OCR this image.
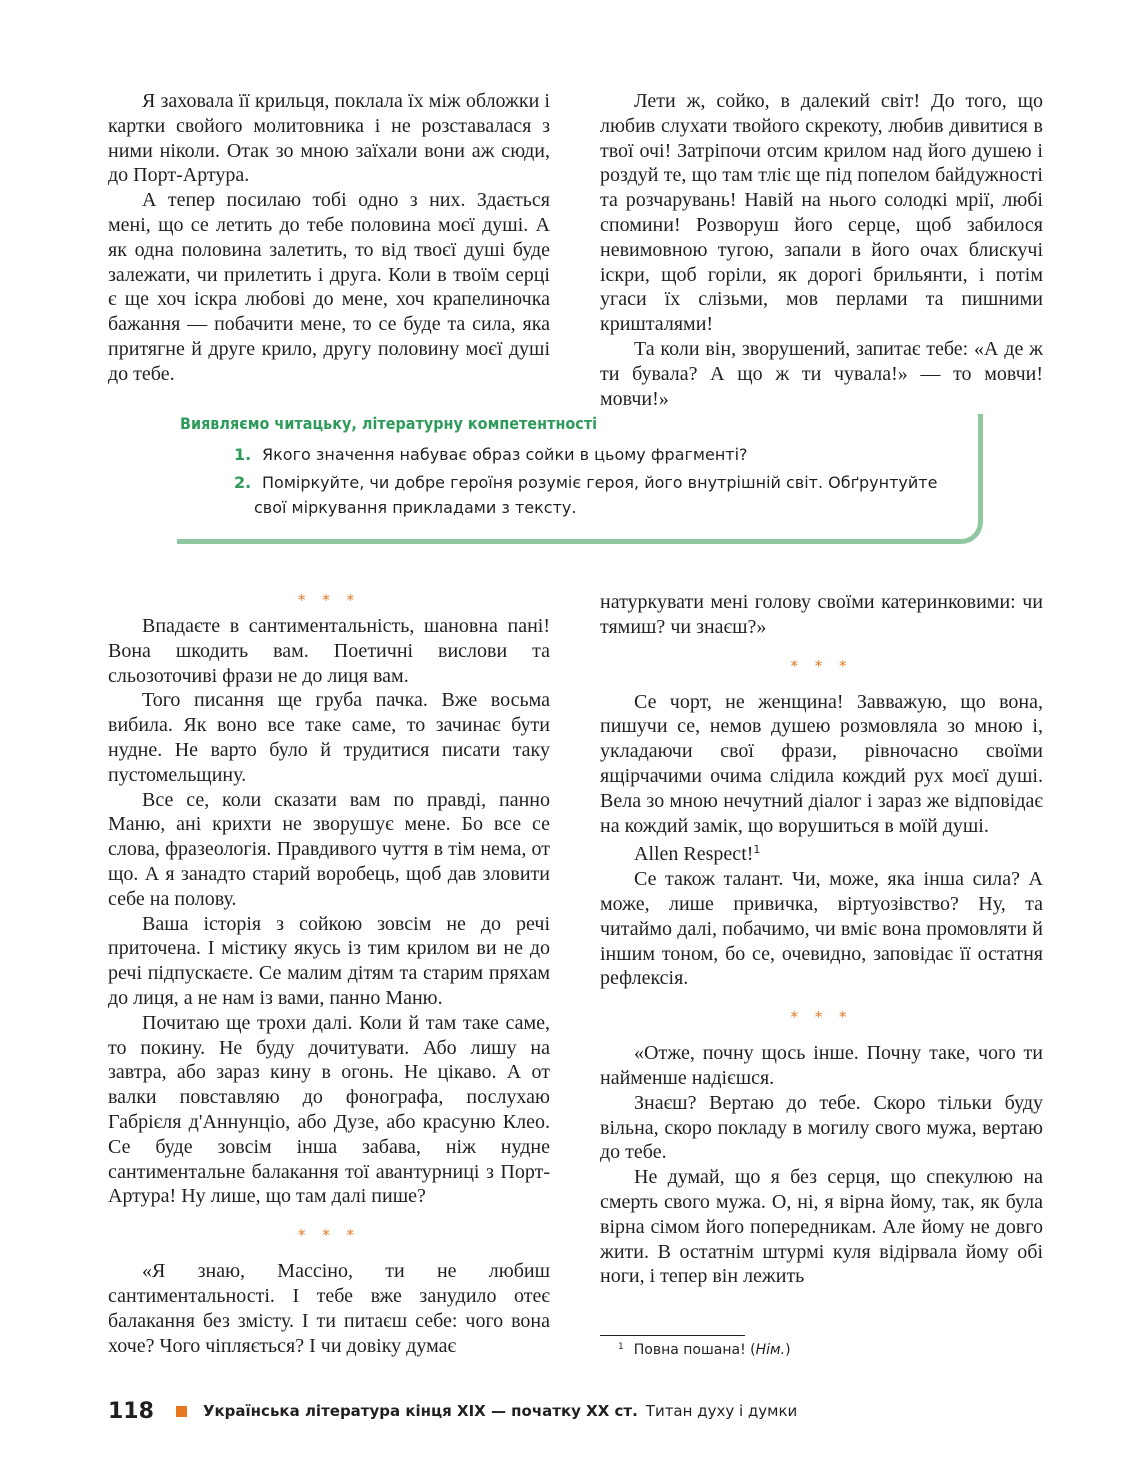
Я заховала її крильця, поклала їх між обложки і картки свойого молитовника і не розставалася з ними ніколи. Отак зо мною заїхали вони аж сюди, до Порт-Артура.

А тепер посилаю тобі одно з них. Здається мені, що се летить до тебе половина моєї душі. А як одна половина залетить, то від твоєї душі буде залежати, чи прилетить і друга. Коли в твоїм серці є ще хоч іскра любові до мене, хоч крапелиночка бажання — побачити мене, то се буде та сила, яка притягне й друге крило, другу половину моєї душі до тебе.

Лети ж, сойко, в далекий світ! До того, що любив слухати твойого скрекоту, любив дивитися в твої очі! Затріпочи отсим крилом над його душею і роздуй те, що там тліє ще під попелом байдужності та розчарувань! Навій на нього солодкі мрії, любі спомини! Розворуш його серце, щоб забилося невимовною тугою, запали в його очах блискучі іскри, щоб горіли, як дорогі брильянти, і потім угаси їх слізьми, мов перлами та пишними кришталями!

Та коли він, зворушений, запитає тебе: «А де ж ти бувала? А що ж ти чувала!» — то мовчи! мовчи!»

Виявляємо читацьку, літературну компетентності
1. Якого значення набуває образ сойки в цьому фрагменті?
2. Поміркуйте, чи добре героїня розуміє героя, його внутрішній світ. Обґрунтуйте
свої міркування прикладами з тексту.
* * *

Впадаєте в сантиментальність, шановна пані! Вона шкодить вам. Поетичні вислови та сльозоточиві фрази не до лиця вам.

Того писання ще груба пачка. Вже восьма вибила. Як воно все таке саме, то зачинає бути нудне. Не варто було й трудитися писати таку пустомельщину.

Все се, коли сказати вам по правді, панно Маню, ані крихти не зворушує мене. Бо все се слова, фразеологія. Правдивого чуття в тім нема, от що. А я занадто старий воробець, щоб дав зловити себе на полову.

Ваша історія з сойкою зовсім не до речі приточена. І містику якусь із тим крилом ви не до речі підпускаєте. Се малим дітям та старим пряхам до лиця, а не нам із вами, панно Маню.

Почитаю ще трохи далі. Коли й там таке саме, то покину. Не буду дочитувати. Або лишу на завтра, або зараз кину в огонь. Не цікаво. А от валки повставляю до фонографа, послухаю Габрієля д'Аннунціо, або Дузе, або красуню Клео. Се буде зовсім інша забава, ніж нудне сантиментальне балакання тої авантурниці з Порт-Артура! Ну лише, що там далі пише?

* * *

«Я знаю, Массіно, ти не любиш сантиментальності. І тебе вже занудило отеє балакання без змісту. І ти питаєш себе: чого вона хоче? Чого чіпляється? І чи довіку думає

натуркувати мені голову своїми катеринковими: чи тямиш? чи знаєш?»

* * *

Се чорт, не женщина! Завважую, що вона, пишучи се, немов душею розмовляла зо мною і, укладаючи свої фрази, рівночасно своїми ящірчачими очима слідила кождий рух моєї душі. Вела зо мною нечутний діалог і зараз же відповідає на кождий замік, що ворушиться в моїй душі.

Allen Respect!$^1$

Се також талант. Чи, може, яка інша сила? А може, лише привичка, віртуозівство? Ну, та читаймо далі, побачимо, чи вміє вона промовляти й іншим тоном, бо се, очевидно, заповідає її остатня рефлексія.

* * *

«Отже, почну щось інше. Почну таке, чого ти найменше надієшся.

Знаєш? Вертаю до тебе. Скоро тільки буду вільна, скоро покладу в могилу свого мужа, вертаю до тебе.

Не думай, що я без серця, що спекулюю на смерть свого мужа. О, ні, я вірна йому, так, як була вірна сімом його попередникам. Але йому не довго жити. В остатнім штурмі куля відірвала йому обі ноги, і тепер він лежить

$^1$ Повна пошана! (Нім.)
118	Українська література кінця ХІХ — початку ХХ ст. Титан духу і думки
